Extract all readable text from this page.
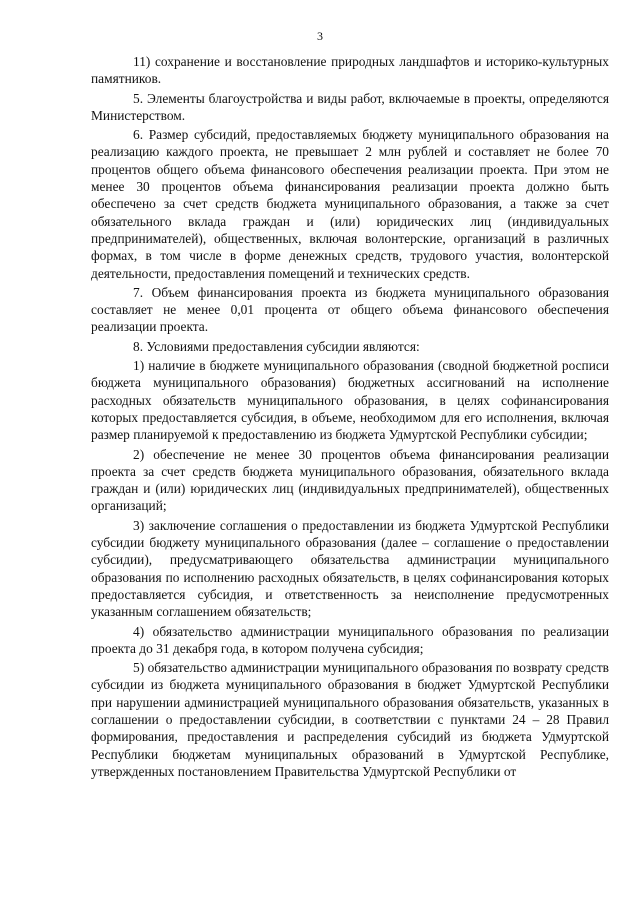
3

11) сохранение и восстановление природных ландшафтов и историко-культурных памятников.

5. Элементы благоустройства и виды работ, включаемые в проекты, определяются Министерством.

6. Размер субсидий, предоставляемых бюджету муниципального образования на реализацию каждого проекта, не превышает 2 млн рублей и составляет не более 70 процентов общего объема финансового обеспечения реализации проекта. При этом не менее 30 процентов объема финансирования реализации проекта должно быть обеспечено за счет средств бюджета муниципального образования, а также за счет обязательного вклада граждан и (или) юридических лиц (индивидуальных предпринимателей), общественных, включая волонтерские, организаций в различных формах, в том числе в форме денежных средств, трудового участия, волонтерской деятельности, предоставления помещений и технических средств.

7. Объем финансирования проекта из бюджета муниципального образования составляет не менее 0,01 процента от общего объема финансового обеспечения реализации проекта.

8. Условиями предоставления субсидии являются:

1) наличие в бюджете муниципального образования (сводной бюджетной росписи бюджета муниципального образования) бюджетных ассигнований на исполнение расходных обязательств муниципального образования, в целях софинансирования которых предоставляется субсидия, в объеме, необходимом для его исполнения, включая размер планируемой к предоставлению из бюджета Удмуртской Республики субсидии;

2) обеспечение не менее 30 процентов объема финансирования реализации проекта за счет средств бюджета муниципального образования, обязательного вклада граждан и (или) юридических лиц (индивидуальных предпринимателей), общественных организаций;

3) заключение соглашения о предоставлении из бюджета Удмуртской Республики субсидии бюджету муниципального образования (далее – соглашение о предоставлении субсидии), предусматривающего обязательства администрации муниципального образования по исполнению расходных обязательств, в целях софинансирования которых предоставляется субсидия, и ответственность за неисполнение предусмотренных указанным соглашением обязательств;

4) обязательство администрации муниципального образования по реализации проекта до 31 декабря года, в котором получена субсидия;

5) обязательство администрации муниципального образования по возврату средств субсидии из бюджета муниципального образования в бюджет Удмуртской Республики при нарушении администрацией муниципального образования обязательств, указанных в соглашении о предоставлении субсидии, в соответствии с пунктами 24 – 28 Правил формирования, предоставления и распределения субсидий из бюджета Удмуртской Республики бюджетам муниципальных образований в Удмуртской Республике, утвержденных постановлением Правительства Удмуртской Республики от
